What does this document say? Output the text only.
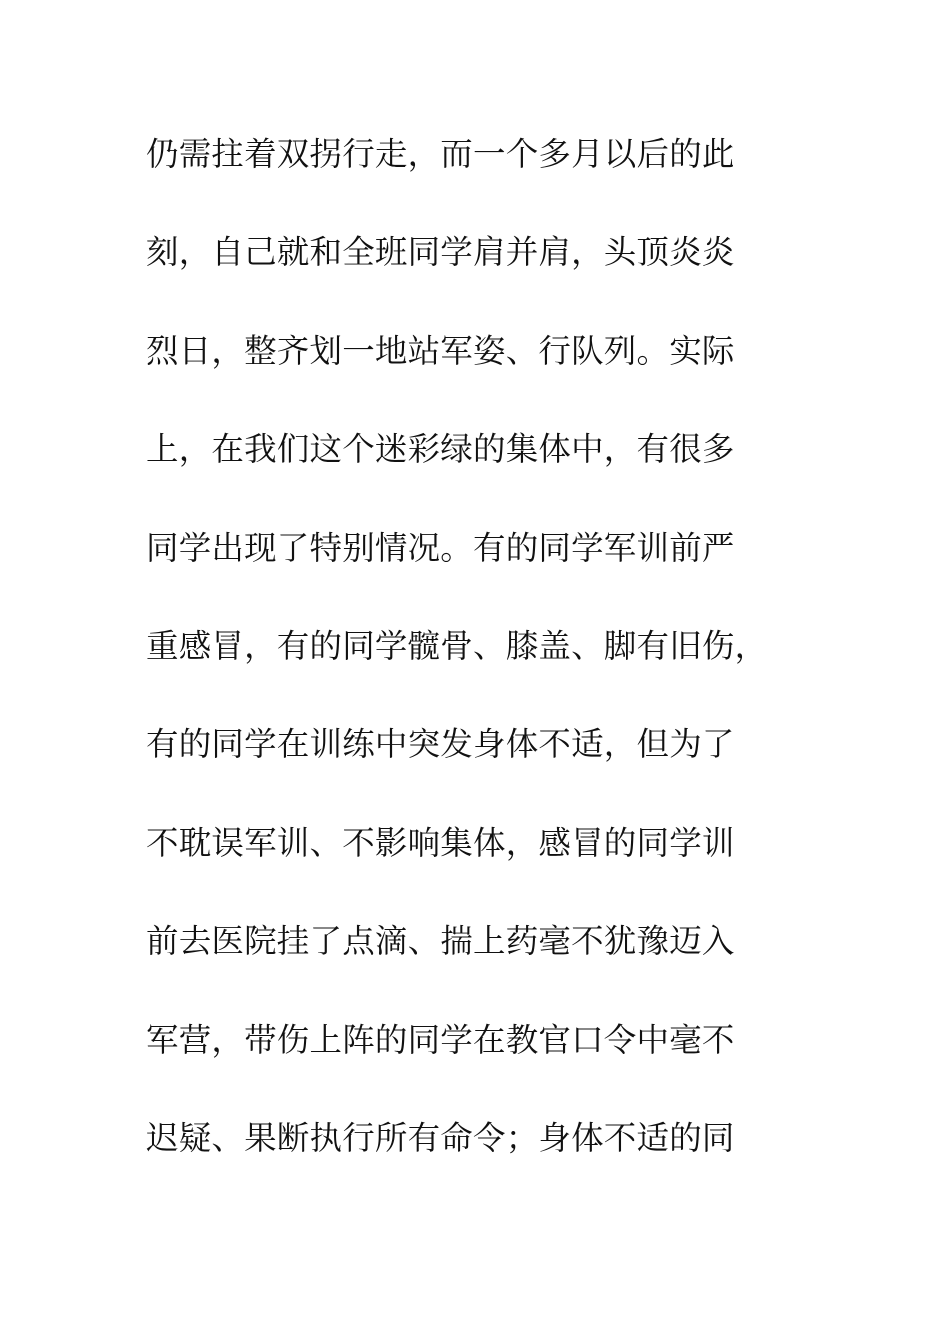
仍需拄着双拐行走，而一个多月以后的此
刻，自己就和全班同学肩并肩，头顶炎炎
烈日，整齐划一地站军姿、行队列。实际
上，在我们这个迷彩绿的集体中，有很多
同学出现了特别情况。有的同学军训前严
重感冒，有的同学髋骨、膝盖、脚有旧伤，
有的同学在训练中突发身体不适，但为了
不耽误军训、不影响集体，感冒的同学训
前去医院挂了点滴、揣上药毫不犹豫迈入
军营，带伤上阵的同学在教官口令中毫不
迟疑、果断执行所有命令；身体不适的同
